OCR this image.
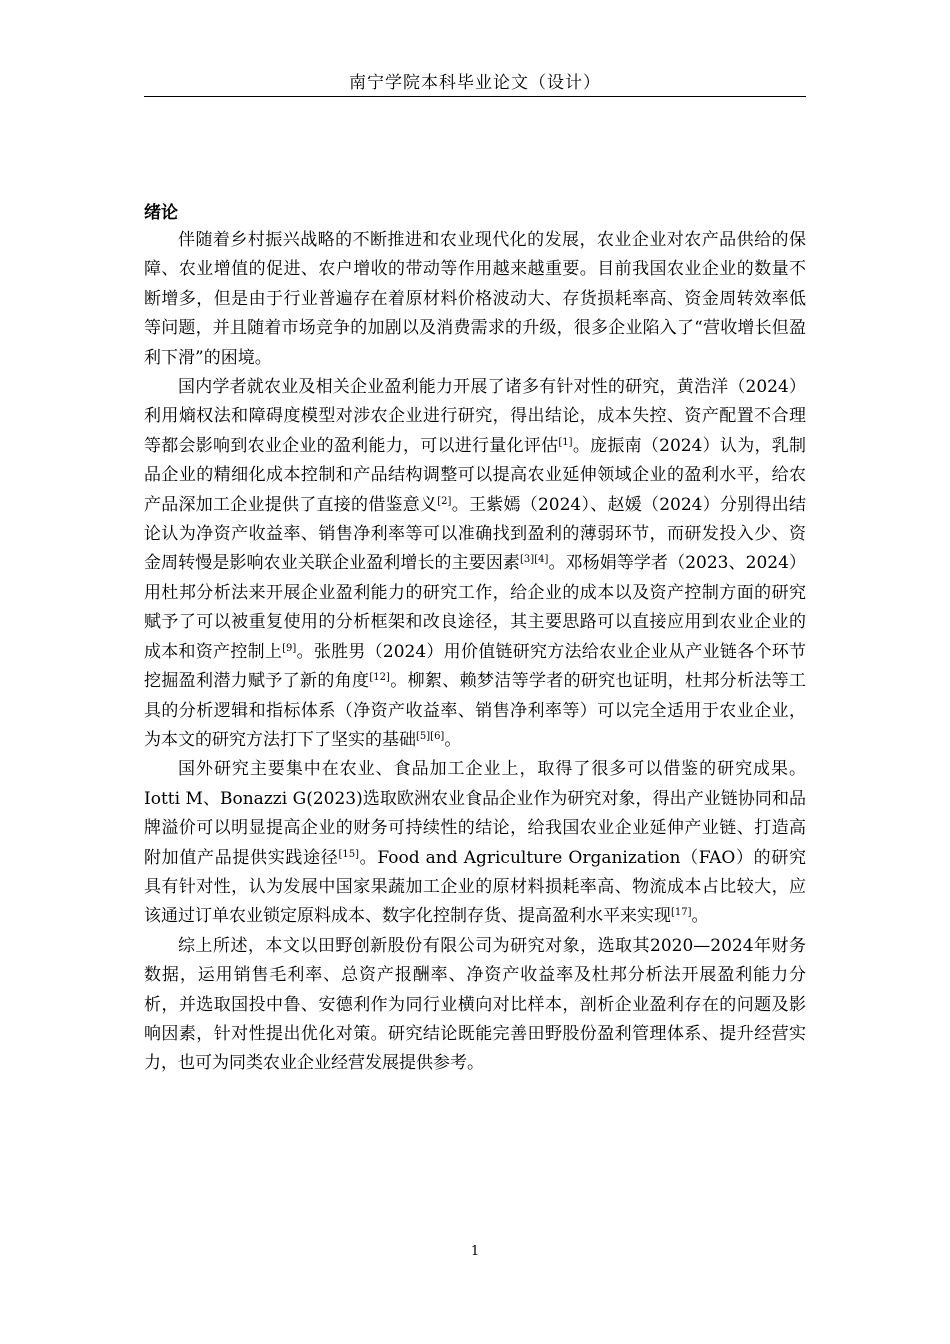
南宁学院本科毕业论文（设计）
绪论

伴随着乡村振兴战略的不断推进和农业现代化的发展，农业企业对农产品供给的保障、农业增值的促进、农户增收的带动等作用越来越重要。目前我国农业企业的数量不断增多，但是由于行业普遍存在着原材料价格波动大、存货损耗率高、资金周转效率低等问题，并且随着市场竞争的加剧以及消费需求的升级，很多企业陷入了“营收增长但盈利下滑”的困境。

国内学者就农业及相关企业盈利能力开展了诸多有针对性的研究，黄浩洋（2024）利用熵权法和障碍度模型对涉农企业进行研究，得出结论，成本失控、资产配置不合理等都会影响到农业企业的盈利能力，可以进行量化评估[1]。庞振南（2024）认为，乳制品企业的精细化成本控制和产品结构调整可以提高农业延伸领域企业的盈利水平，给农产品深加工企业提供了直接的借鉴意义[2]。王紫嫣（2024）、赵媛（2024）分别得出结论认为净资产收益率、销售净利率等可以准确找到盈利的薄弱环节，而研发投入少、资金周转慢是影响农业关联企业盈利增长的主要因素[3][4]。邓杨娟等学者（2023、2024）用杜邦分析法来开展企业盈利能力的研究工作，给企业的成本以及资产控制方面的研究赋予了可以被重复使用的分析框架和改良途径，其主要思路可以直接应用到农业企业的成本和资产控制上[9]。张胜男（2024）用价值链研究方法给农业企业从产业链各个环节挖掘盈利潜力赋予了新的角度[12]。柳絮、赖梦洁等学者的研究也证明，杜邦分析法等工具的分析逻辑和指标体系（净资产收益率、销售净利率等）可以完全适用于农业企业，为本文的研究方法打下了坚实的基础[5][6]。

国外研究主要集中在农业、食品加工企业上，取得了很多可以借鉴的研究成果。Iotti M、Bonazzi G(2023)选取欧洲农业食品企业作为研究对象，得出产业链协同和品牌溢价可以明显提高企业的财务可持续性的结论，给我国农业企业延伸产业链、打造高附加值产品提供实践途径[15]。Food and Agriculture Organization（FAO）的研究具有针对性，认为发展中国家果蔬加工企业的原材料损耗率高、物流成本占比较大，应该通过订单农业锁定原料成本、数字化控制存货、提高盈利水平来实现[17]。

综上所述，本文以田野创新股份有限公司为研究对象，选取其2020—2024年财务数据，运用销售毛利率、总资产报酬率、净资产收益率及杜邦分析法开展盈利能力分析，并选取国投中鲁、安德利作为同行业横向对比样本，剖析企业盈利存在的问题及影响因素，针对性提出优化对策。研究结论既能完善田野股份盈利管理体系、提升经营实力，也可为同类农业企业经营发展提供参考。

1
